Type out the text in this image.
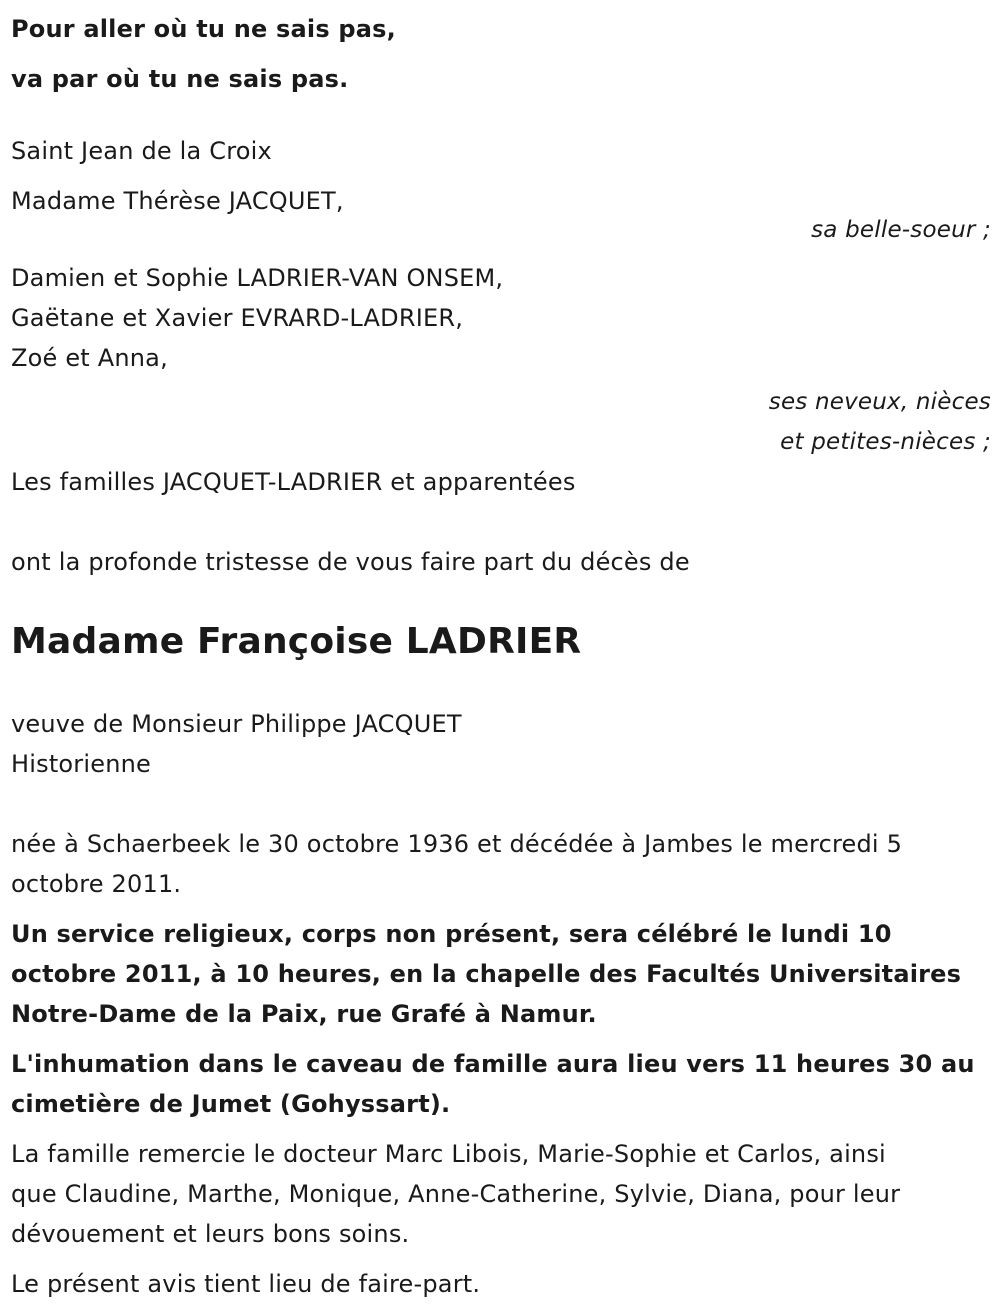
Pour aller où tu ne sais pas,

va par où tu ne sais pas.

Saint Jean de la Croix

Madame Thérèse JACQUET,

sa belle-soeur ;

Damien et Sophie LADRIER-VAN ONSEM,

Gaëtane et Xavier EVRARD-LADRIER,

Zoé et Anna,

ses neveux, nièces

et petites-nièces ;

Les familles JACQUET-LADRIER et apparentées

ont la profonde tristesse de vous faire part du décès de

Madame Françoise LADRIER

veuve de Monsieur Philippe JACQUET

Historienne

née à Schaerbeek le 30 octobre 1936 et décédée à Jambes le mercredi 5

octobre 2011.

Un service religieux, corps non présent, sera célébré le lundi 10

octobre 2011, à 10 heures, en la chapelle des Facultés Universitaires

Notre-Dame de la Paix, rue Grafé à Namur.

L'inhumation dans le caveau de famille aura lieu vers 11 heures 30 au

cimetière de Jumet (Gohyssart).

La famille remercie le docteur Marc Libois, Marie-Sophie et Carlos, ainsi

que Claudine, Marthe, Monique, Anne-Catherine, Sylvie, Diana, pour leur

dévouement et leurs bons soins.

Le présent avis tient lieu de faire-part.
